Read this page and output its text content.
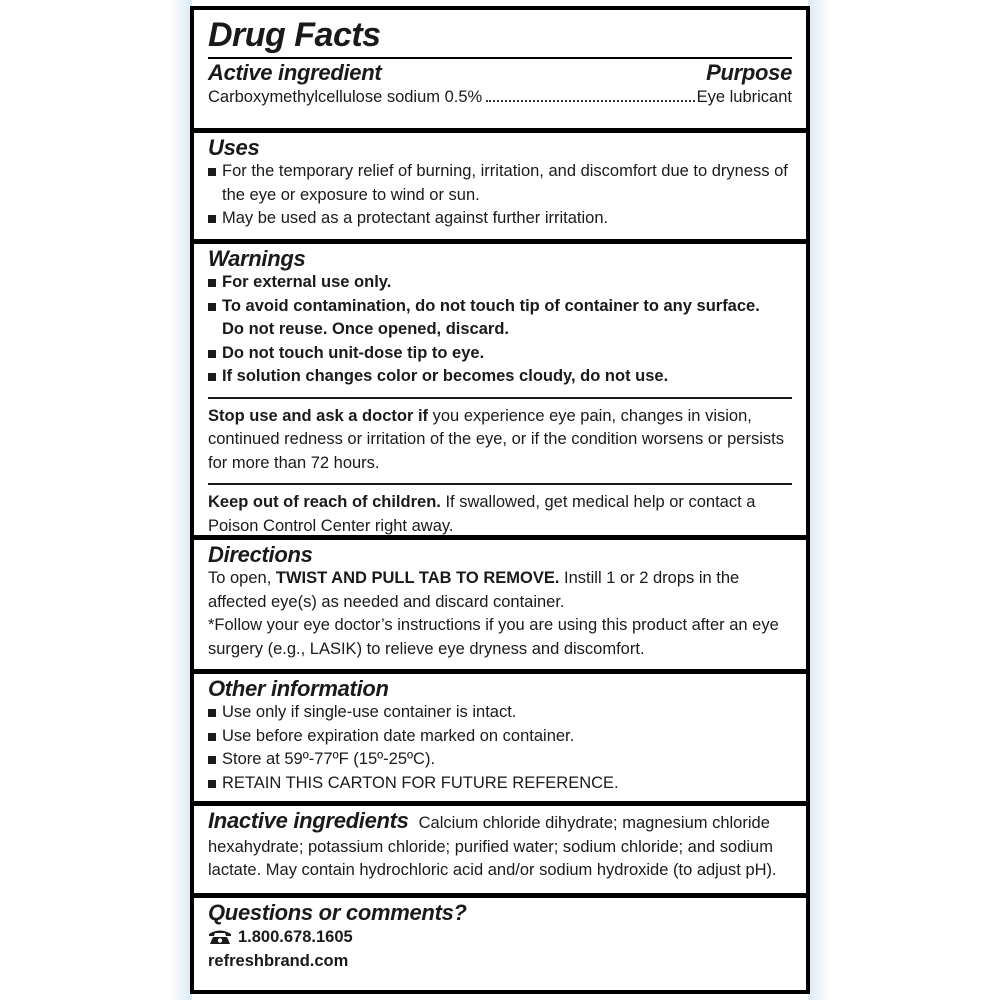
Drug Facts
Active ingredient	Purpose
Carboxymethylcellulose sodium 0.5%	Eye lubricant
Uses
For the temporary relief of burning, irritation, and discomfort due to dryness of the eye or exposure to wind or sun.
May be used as a protectant against further irritation.
Warnings
For external use only.
To avoid contamination, do not touch tip of container to any surface. Do not reuse. Once opened, discard.
Do not touch unit-dose tip to eye.
If solution changes color or becomes cloudy, do not use.

Stop use and ask a doctor if you experience eye pain, changes in vision, continued redness or irritation of the eye, or if the condition worsens or persists for more than 72 hours.

Keep out of reach of children. If swallowed, get medical help or contact a Poison Control Center right away.

Directions

To open, TWIST AND PULL TAB TO REMOVE. Instill 1 or 2 drops in the affected eye(s) as needed and discard container.

*Follow your eye doctor’s instructions if you are using this product after an eye surgery (e.g., LASIK) to relieve eye dryness and discomfort.

Other information
Use only if single-use container is intact.
Use before expiration date marked on container.
Store at 59º-77ºF (15º-25ºC).
RETAIN THIS CARTON FOR FUTURE REFERENCE.

Inactive ingredients Calcium chloride dihydrate; magnesium chloride hexahydrate; potassium chloride; purified water; sodium chloride; and sodium lactate. May contain hydrochloric acid and/or sodium hydroxide (to adjust pH).

Questions or comments?
1.800.678.1605
refreshbrand.com
